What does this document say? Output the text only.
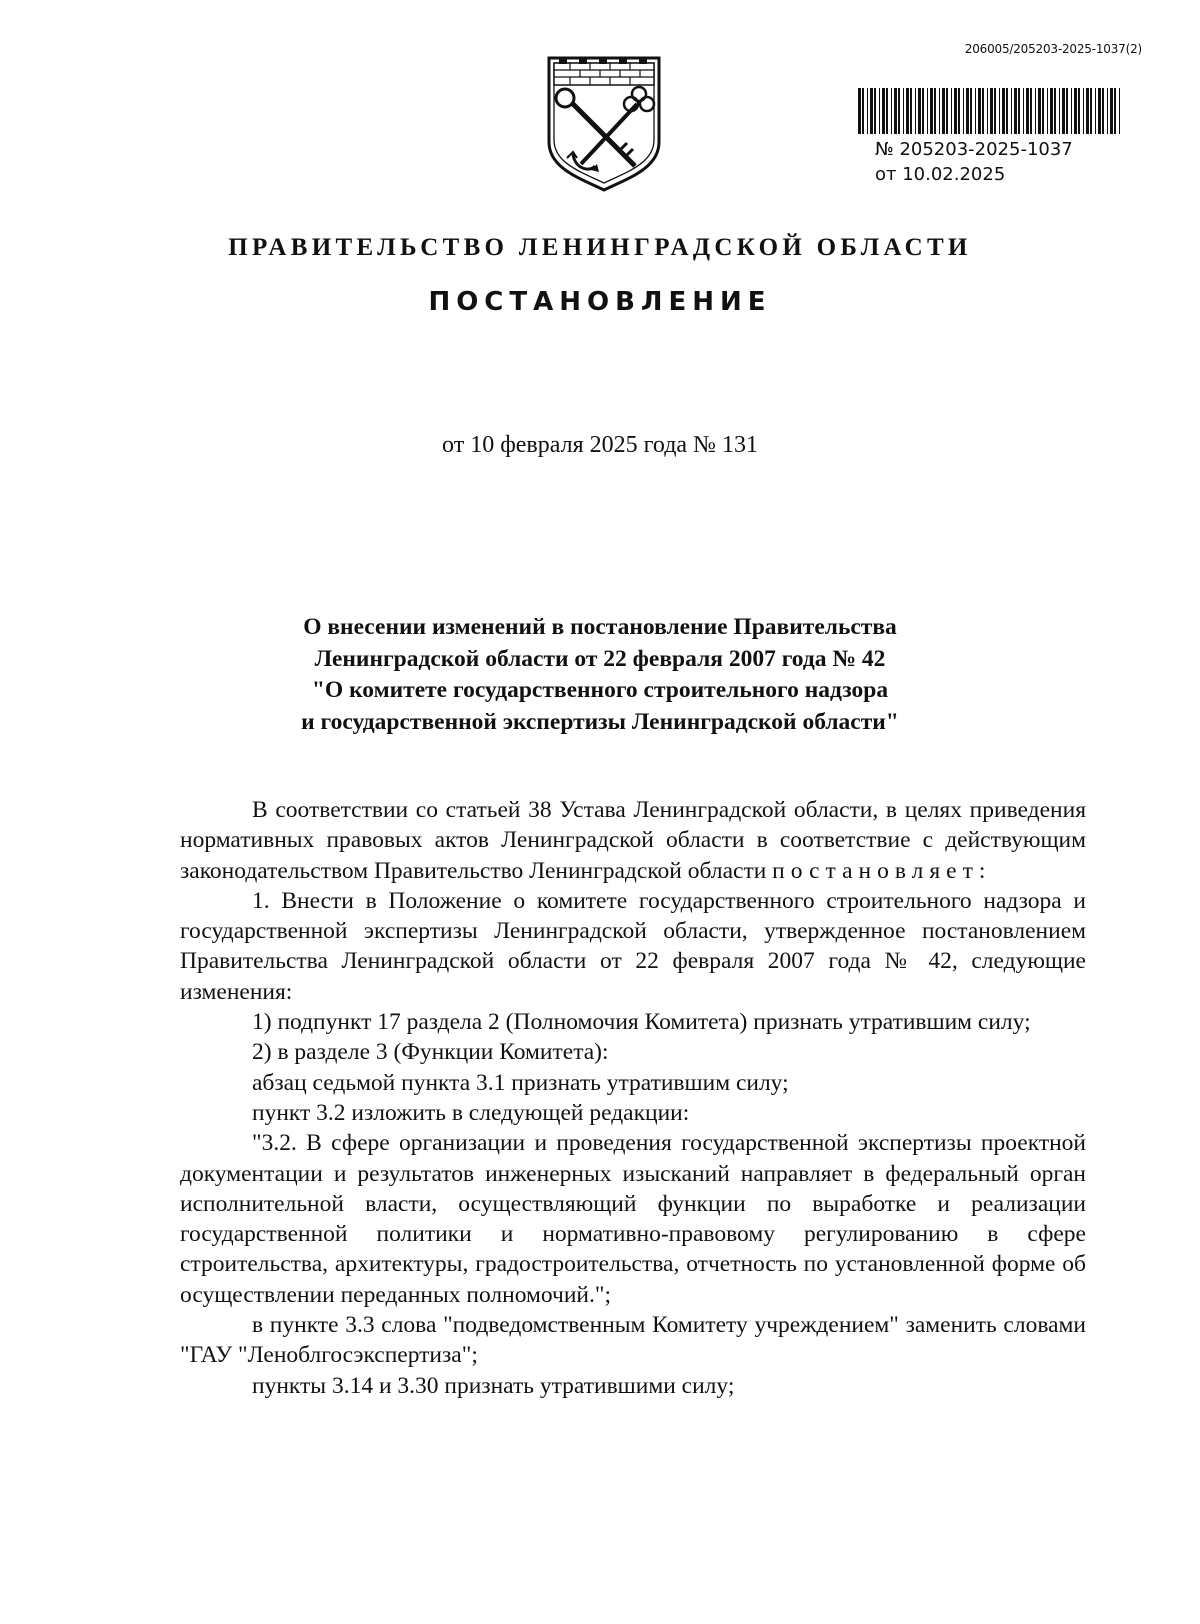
206005/205203-2025-1037(2)
№ 205203-2025-1037
от 10.02.2025
ПРАВИТЕЛЬСТВО ЛЕНИНГРАДСКОЙ ОБЛАСТИ
ПОСТАНОВЛЕНИЕ
от 10 февраля 2025 года № 131
О внесении изменений в постановление Правительства
Ленинградской области от 22 февраля 2007 года № 42
"О комитете государственного строительного надзора
и государственной экспертизы Ленинградской области"

В соответствии со статьей 38 Устава Ленинградской области, в целях приведения нормативных правовых актов Ленинградской области в соответствие с действующим законодательством Правительство Ленинградской области постановляет:

1. Внести в Положение о комитете государственного строительного надзора и государственной экспертизы Ленинградской области, утвержденное постановлением Правительства Ленинградской области от 22 февраля 2007 года № 42, следующие изменения:

1) подпункт 17 раздела 2 (Полномочия Комитета) признать утратившим силу;

2) в разделе 3 (Функции Комитета):

абзац седьмой пункта 3.1 признать утратившим силу;

пункт 3.2 изложить в следующей редакции:

"3.2. В сфере организации и проведения государственной экспертизы проектной документации и результатов инженерных изысканий направляет в федеральный орган исполнительной власти, осуществляющий функции по выработке и реализации государственной политики и нормативно-правовому регулированию в сфере строительства, архитектуры, градостроительства, отчетность по установленной форме об осуществлении переданных полномочий.";

в пункте 3.3 слова "подведомственным Комитету учреждением" заменить словами "ГАУ "Леноблгосэкспертиза";

пункты 3.14 и 3.30 признать утратившими силу;
